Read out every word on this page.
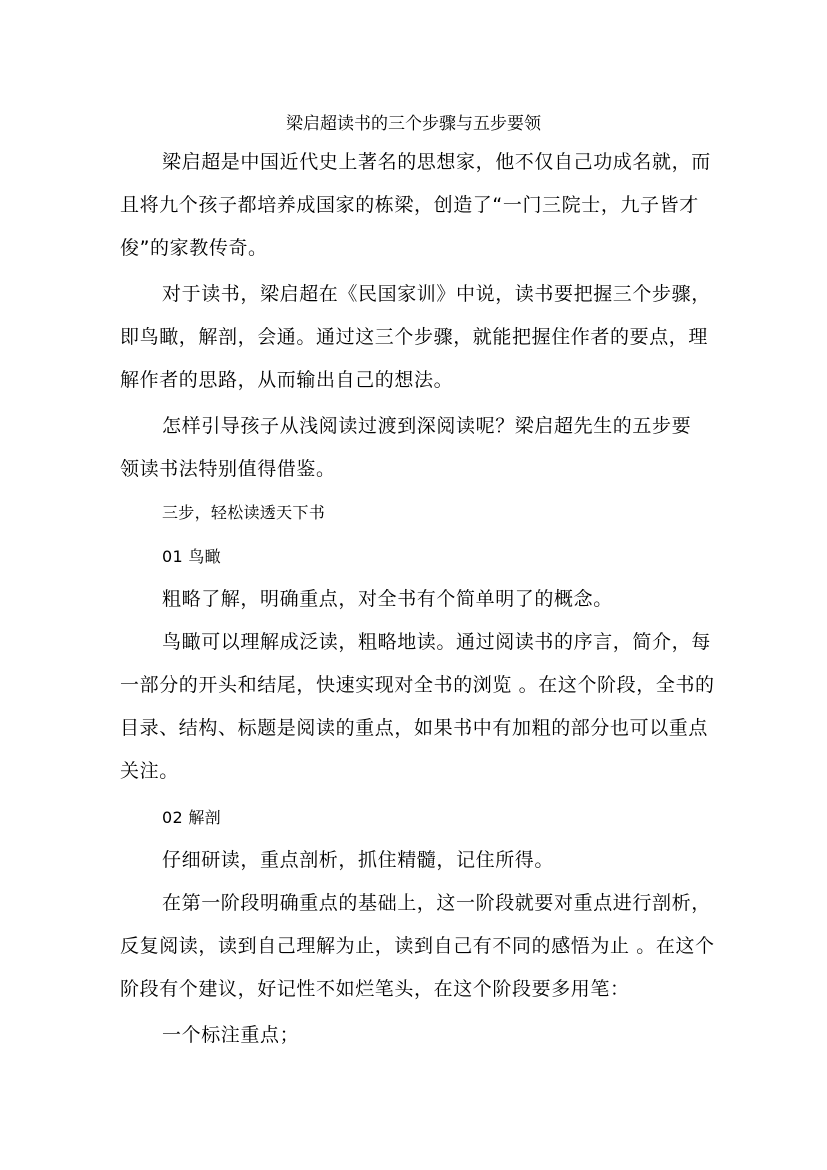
梁启超读书的三个步骤与五步要领
梁启超是中国近代史上著名的思想家，他不仅自己功成名就，而
且将九个孩子都培养成国家的栋梁，创造了“一门三院士，九子皆才
俊”的家教传奇。
对于读书，梁启超在《民国家训》中说，读书要把握三个步骤，
即鸟瞰，解剖，会通。通过这三个步骤，就能把握住作者的要点，理
解作者的思路，从而输出自己的想法。
怎样引导孩子从浅阅读过渡到深阅读呢？梁启超先生的五步要
领读书法特别值得借鉴。
三步，轻松读透天下书
01 鸟瞰
粗略了解，明确重点，对全书有个简单明了的概念。
鸟瞰可以理解成泛读，粗略地读。通过阅读书的序言，简介，每
一部分的开头和结尾，快速实现对全书的浏览 。在这个阶段，全书的
目录、结构、标题是阅读的重点，如果书中有加粗的部分也可以重点
关注。
02 解剖
仔细研读，重点剖析，抓住精髓，记住所得。
在第一阶段明确重点的基础上，这一阶段就要对重点进行剖析，
反复阅读，读到自己理解为止，读到自己有不同的感悟为止 。在这个
阶段有个建议，好记性不如烂笔头，在这个阶段要多用笔：
一个标注重点；
